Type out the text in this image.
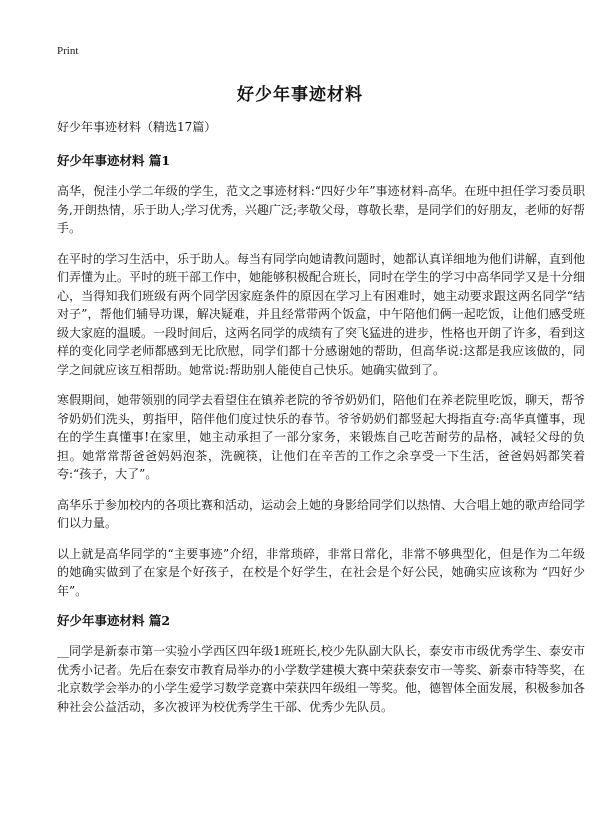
Print
好少年事迹材料
好少年事迹材料（精选17篇）
好少年事迹材料 篇1

高华，倪洼小学二年级的学生，范文之事迹材料:“四好少年”事迹材料-高华。在班中担任学习委员职务,开朗热情，乐于助人;学习优秀，兴趣广泛;孝敬父母，尊敬长辈，是同学们的好朋友，老师的好帮手。

在平时的学习生活中，乐于助人。每当有同学向她请教问题时，她都认真详细地为他们讲解，直到他们弄懂为止。平时的班干部工作中，她能够积极配合班长，同时在学生的学习中高华同学又是十分细心，当得知我们班级有两个同学因家庭条件的原因在学习上有困难时，她主动要求跟这两名同学“结对子”，帮他们辅导功课，解决疑难，并且经常带两个饭盒，中午陪他们俩一起吃饭，让他们感受班级大家庭的温暖。一段时间后，这两名同学的成绩有了突飞猛进的进步，性格也开朗了许多，看到这样的变化同学老师都感到无比欣慰，同学们都十分感谢她的帮助，但高华说:这都是我应该做的，同学之间就应该互相帮助。她常说:帮助别人能使自己快乐。她确实做到了。

寒假期间，她带领别的同学去看望住在镇养老院的爷爷奶奶们，陪他们在养老院里吃饭，聊天，帮爷爷奶奶们洗头，剪指甲，陪伴他们度过快乐的春节。爷爷奶奶们都竖起大拇指直夸:高华真懂事，现在的学生真懂事!在家里，她主动承担了一部分家务，来锻炼自己吃苦耐劳的品格，减轻父母的负担。她常常帮爸爸妈妈泡茶，洗碗筷，让他们在辛苦的工作之余享受一下生活，爸爸妈妈都笑着夸:“孩子，大了”。

高华乐于参加校内的各项比赛和活动，运动会上她的身影给同学们以热情、大合唱上她的歌声给同学们以力量。

以上就是高华同学的“主要事迹”介绍，非常琐碎，非常日常化，非常不够典型化，但是作为二年级的她确实做到了在家是个好孩子，在校是个好学生，在社会是个好公民，她确实应该称为 “四好少年”。

好少年事迹材料 篇2

__同学是新泰市第一实验小学西区四年级1班班长,校少先队副大队长，泰安市市级优秀学生、泰安市优秀小记者。先后在泰安市教育局举办的小学数学建模大赛中荣获泰安市一等奖、新泰市特等奖，在北京数学会举办的小学生爱学习数学竞赛中荣获四年级组一等奖。他，德智体全面发展，积极参加各种社会公益活动，多次被评为校优秀学生干部、优秀少先队员。
